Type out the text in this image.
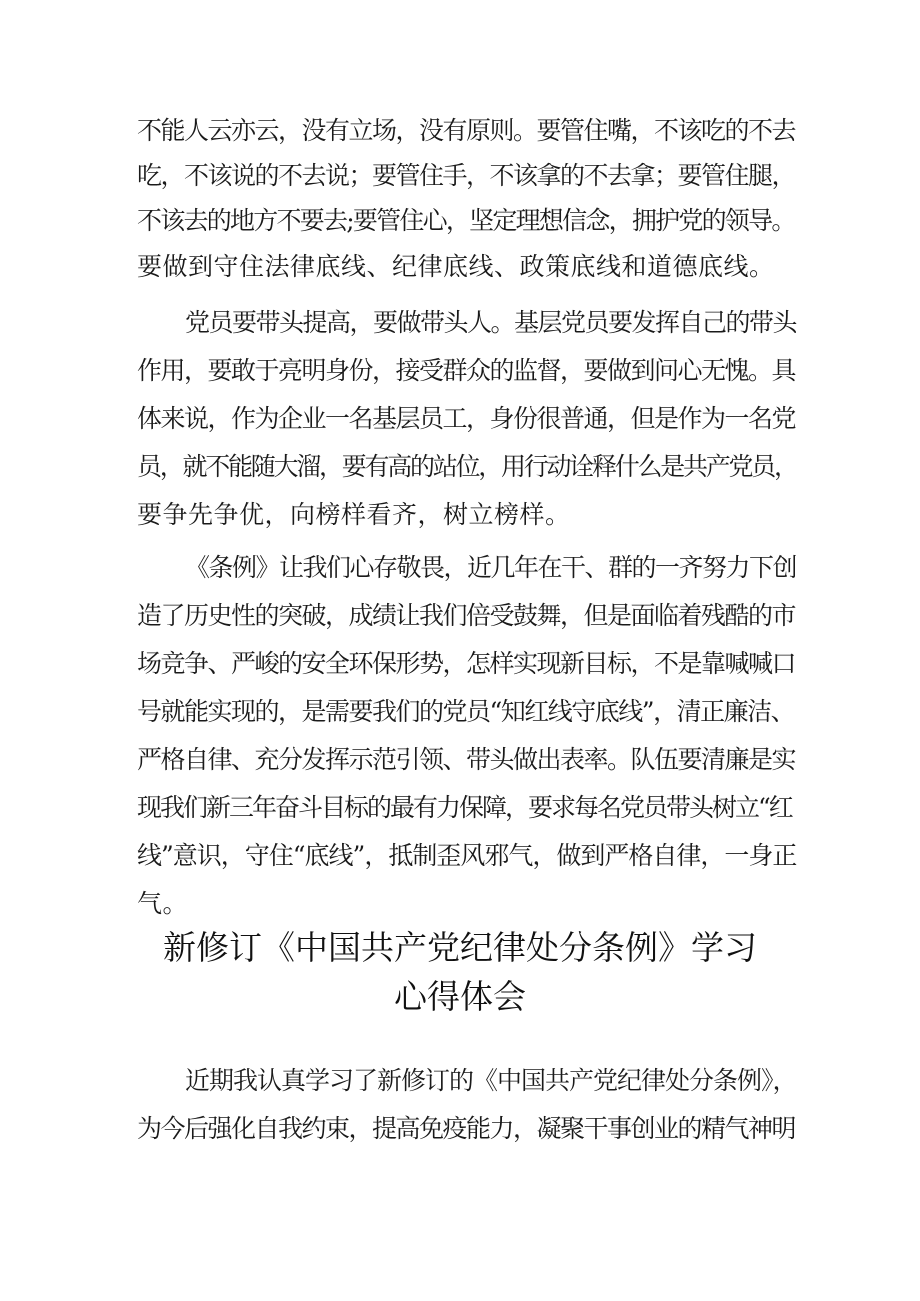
不能人云亦云，没有立场，没有原则。要管住嘴，不该吃的不去
吃，不该说的不去说；要管住手，不该拿的不去拿；要管住腿，
不该去的地方不要去;要管住心，坚定理想信念，拥护党的领导。
要做到守住法律底线、纪律底线、政策底线和道德底线。
党员要带头提高，要做带头人。基层党员要发挥自己的带头
作用，要敢于亮明身份，接受群众的监督，要做到问心无愧。具
体来说，作为企业一名基层员工，身份很普通，但是作为一名党
员，就不能随大溜，要有高的站位，用行动诠释什么是共产党员，
要争先争优，向榜样看齐，树立榜样。
《条例》让我们心存敬畏，近几年在干、群的一齐努力下创
造了历史性的突破，成绩让我们倍受鼓舞，但是面临着残酷的市
场竞争、严峻的安全环保形势，怎样实现新目标，不是靠喊喊口
号就能实现的，是需要我们的党员“知红线守底线”，清正廉洁、
严格自律、充分发挥示范引领、带头做出表率。队伍要清廉是实
现我们新三年奋斗目标的最有力保障，要求每名党员带头树立“红
线”意识，守住“底线”，抵制歪风邪气，做到严格自律，一身正
气。
新修订《中国共产党纪律处分条例》学习
心得体会
近期我认真学习了新修订的《中国共产党纪律处分条例》，
为今后强化自我约束，提高免疫能力，凝聚干事创业的精气神明
